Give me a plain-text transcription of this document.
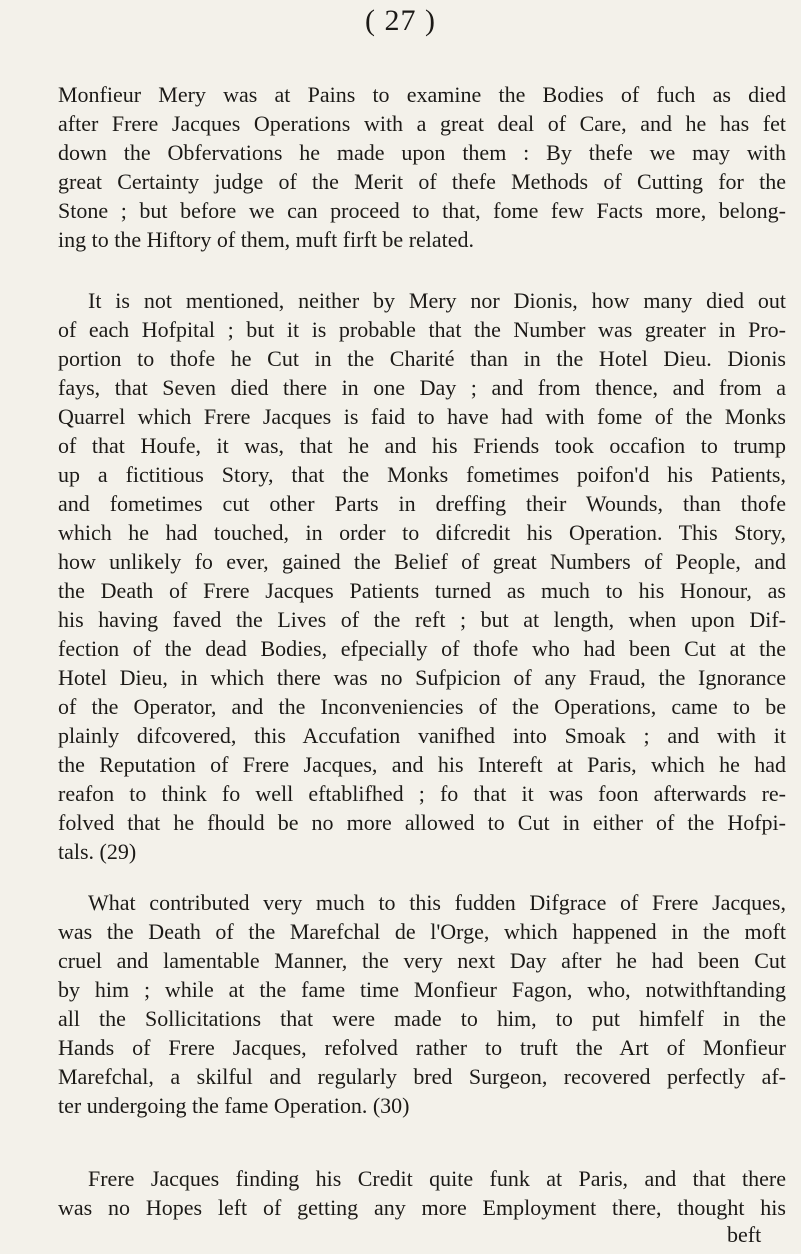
( 27 )
Monfieur Mery was at Pains to examine the Bodies of fuch as died
after Frere Jacques Operations with a great deal of Care, and he has fet
down the Obfervations he made upon them : By thefe we may with
great Certainty judge of the Merit of thefe Methods of Cutting for the
Stone ; but before we can proceed to that, fome few Facts more, belong-
ing to the Hiftory of them, muft firft be related.
It is not mentioned, neither by Mery nor Dionis, how many died out
of each Hofpital ; but it is probable that the Number was greater in Pro-
portion to thofe he Cut in the Charité than in the Hotel Dieu. Dionis
fays, that Seven died there in one Day ; and from thence, and from a
Quarrel which Frere Jacques is faid to have had with fome of the Monks
of that Houfe, it was, that he and his Friends took occafion to trump
up a fictitious Story, that the Monks fometimes poifon'd his Patients,
and fometimes cut other Parts in dreffing their Wounds, than thofe
which he had touched, in order to difcredit his Operation. This Story,
how unlikely fo ever, gained the Belief of great Numbers of People, and
the Death of Frere Jacques Patients turned as much to his Honour, as
his having faved the Lives of the reft ; but at length, when upon Dif-
fection of the dead Bodies, efpecially of thofe who had been Cut at the
Hotel Dieu, in which there was no Sufpicion of any Fraud, the Ignorance
of the Operator, and the Inconveniencies of the Operations, came to be
plainly difcovered, this Accufation vanifhed into Smoak ; and with it
the Reputation of Frere Jacques, and his Intereft at Paris, which he had
reafon to think fo well eftablifhed ; fo that it was foon afterwards re-
folved that he fhould be no more allowed to Cut in either of the Hofpi-
tals. (29)
What contributed very much to this fudden Difgrace of Frere Jacques,
was the Death of the Marefchal de l'Orge, which happened in the moft
cruel and lamentable Manner, the very next Day after he had been Cut
by him ; while at the fame time Monfieur Fagon, who, notwithftanding
all the Sollicitations that were made to him, to put himfelf in the
Hands of Frere Jacques, refolved rather to truft the Art of Monfieur
Marefchal, a skilful and regularly bred Surgeon, recovered perfectly af-
ter undergoing the fame Operation. (30)
Frere Jacques finding his Credit quite funk at Paris, and that there
was no Hopes left of getting any more Employment there, thought his
beft
